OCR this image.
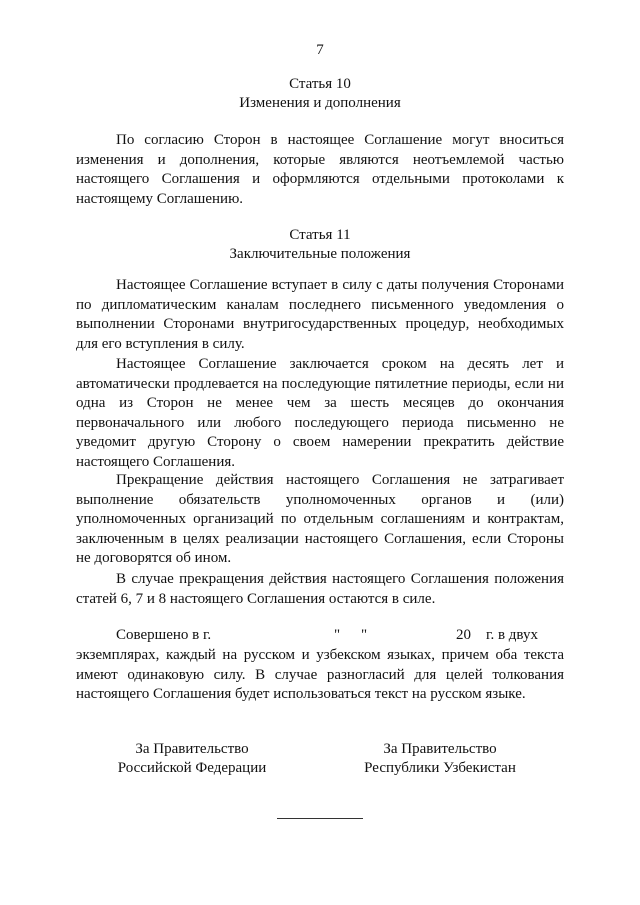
7
Статья 10
Изменения и дополнения

По согласию Сторон в настоящее Соглашение могут вноситься изменения и дополнения, которые являются неотъемлемой частью настоящего Соглашения и оформляются отдельными протоколами к настоящему Соглашению.

Статья 11
Заключительные положения

Настоящее Соглашение вступает в силу с даты получения Сторонами по дипломатическим каналам последнего письменного уведомления о выполнении Сторонами внутригосударственных процедур, необходимых для его вступления в силу.

Настоящее Соглашение заключается сроком на десять лет и автоматически продлевается на последующие пятилетние периоды, если ни одна из Сторон не менее чем за шесть месяцев до окончания первоначального или любого последующего периода письменно не уведомит другую Сторону о своем намерении прекратить действие настоящего Соглашения.

Прекращение действия настоящего Соглашения не затрагивает выполнение обязательств уполномоченных органов и (или) уполномоченных организаций по отдельным соглашениям и контрактам, заключенным в целях реализации настоящего Соглашения, если Стороны не договорятся об ином.

В случае прекращения действия настоящего Соглашения положения статей 6, 7 и 8 настоящего Соглашения остаются в силе.

Совершено в г.	" "	20 г. в двух

экземплярах, каждый на русском и узбекском языках, причем оба текста имеют одинаковую силу. В случае разногласий для целей толкования настоящего Соглашения будет использоваться текст на русском языке.

За Правительство
Российской Федерации
За Правительство
Республики Узбекистан
